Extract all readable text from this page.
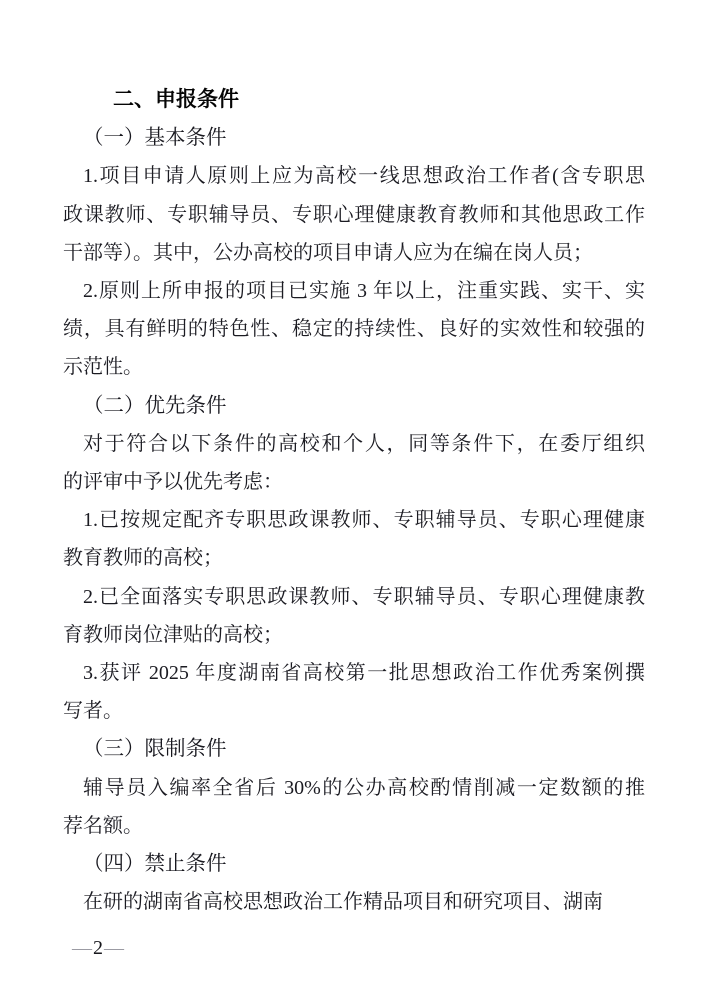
二、申报条件
（一）基本条件
1.项目申请人原则上应为高校一线思想政治工作者(含专职思
政课教师、专职辅导员、专职心理健康教育教师和其他思政工作
干部等）。其中，公办高校的项目申请人应为在编在岗人员；
2.原则上所申报的项目已实施 3 年以上，注重实践、实干、实
绩，具有鲜明的特色性、稳定的持续性、良好的实效性和较强的
示范性。
（二）优先条件
对于符合以下条件的高校和个人，同等条件下，在委厅组织
的评审中予以优先考虑：
1.已按规定配齐专职思政课教师、专职辅导员、专职心理健康
教育教师的高校；
2.已全面落实专职思政课教师、专职辅导员、专职心理健康教
育教师岗位津贴的高校；
3.获评 2025 年度湖南省高校第一批思想政治工作优秀案例撰
写者。
（三）限制条件
辅导员入编率全省后 30%的公办高校酌情削减一定数额的推
荐名额。
（四）禁止条件
在研的湖南省高校思想政治工作精品项目和研究项目、湖南
—2—
